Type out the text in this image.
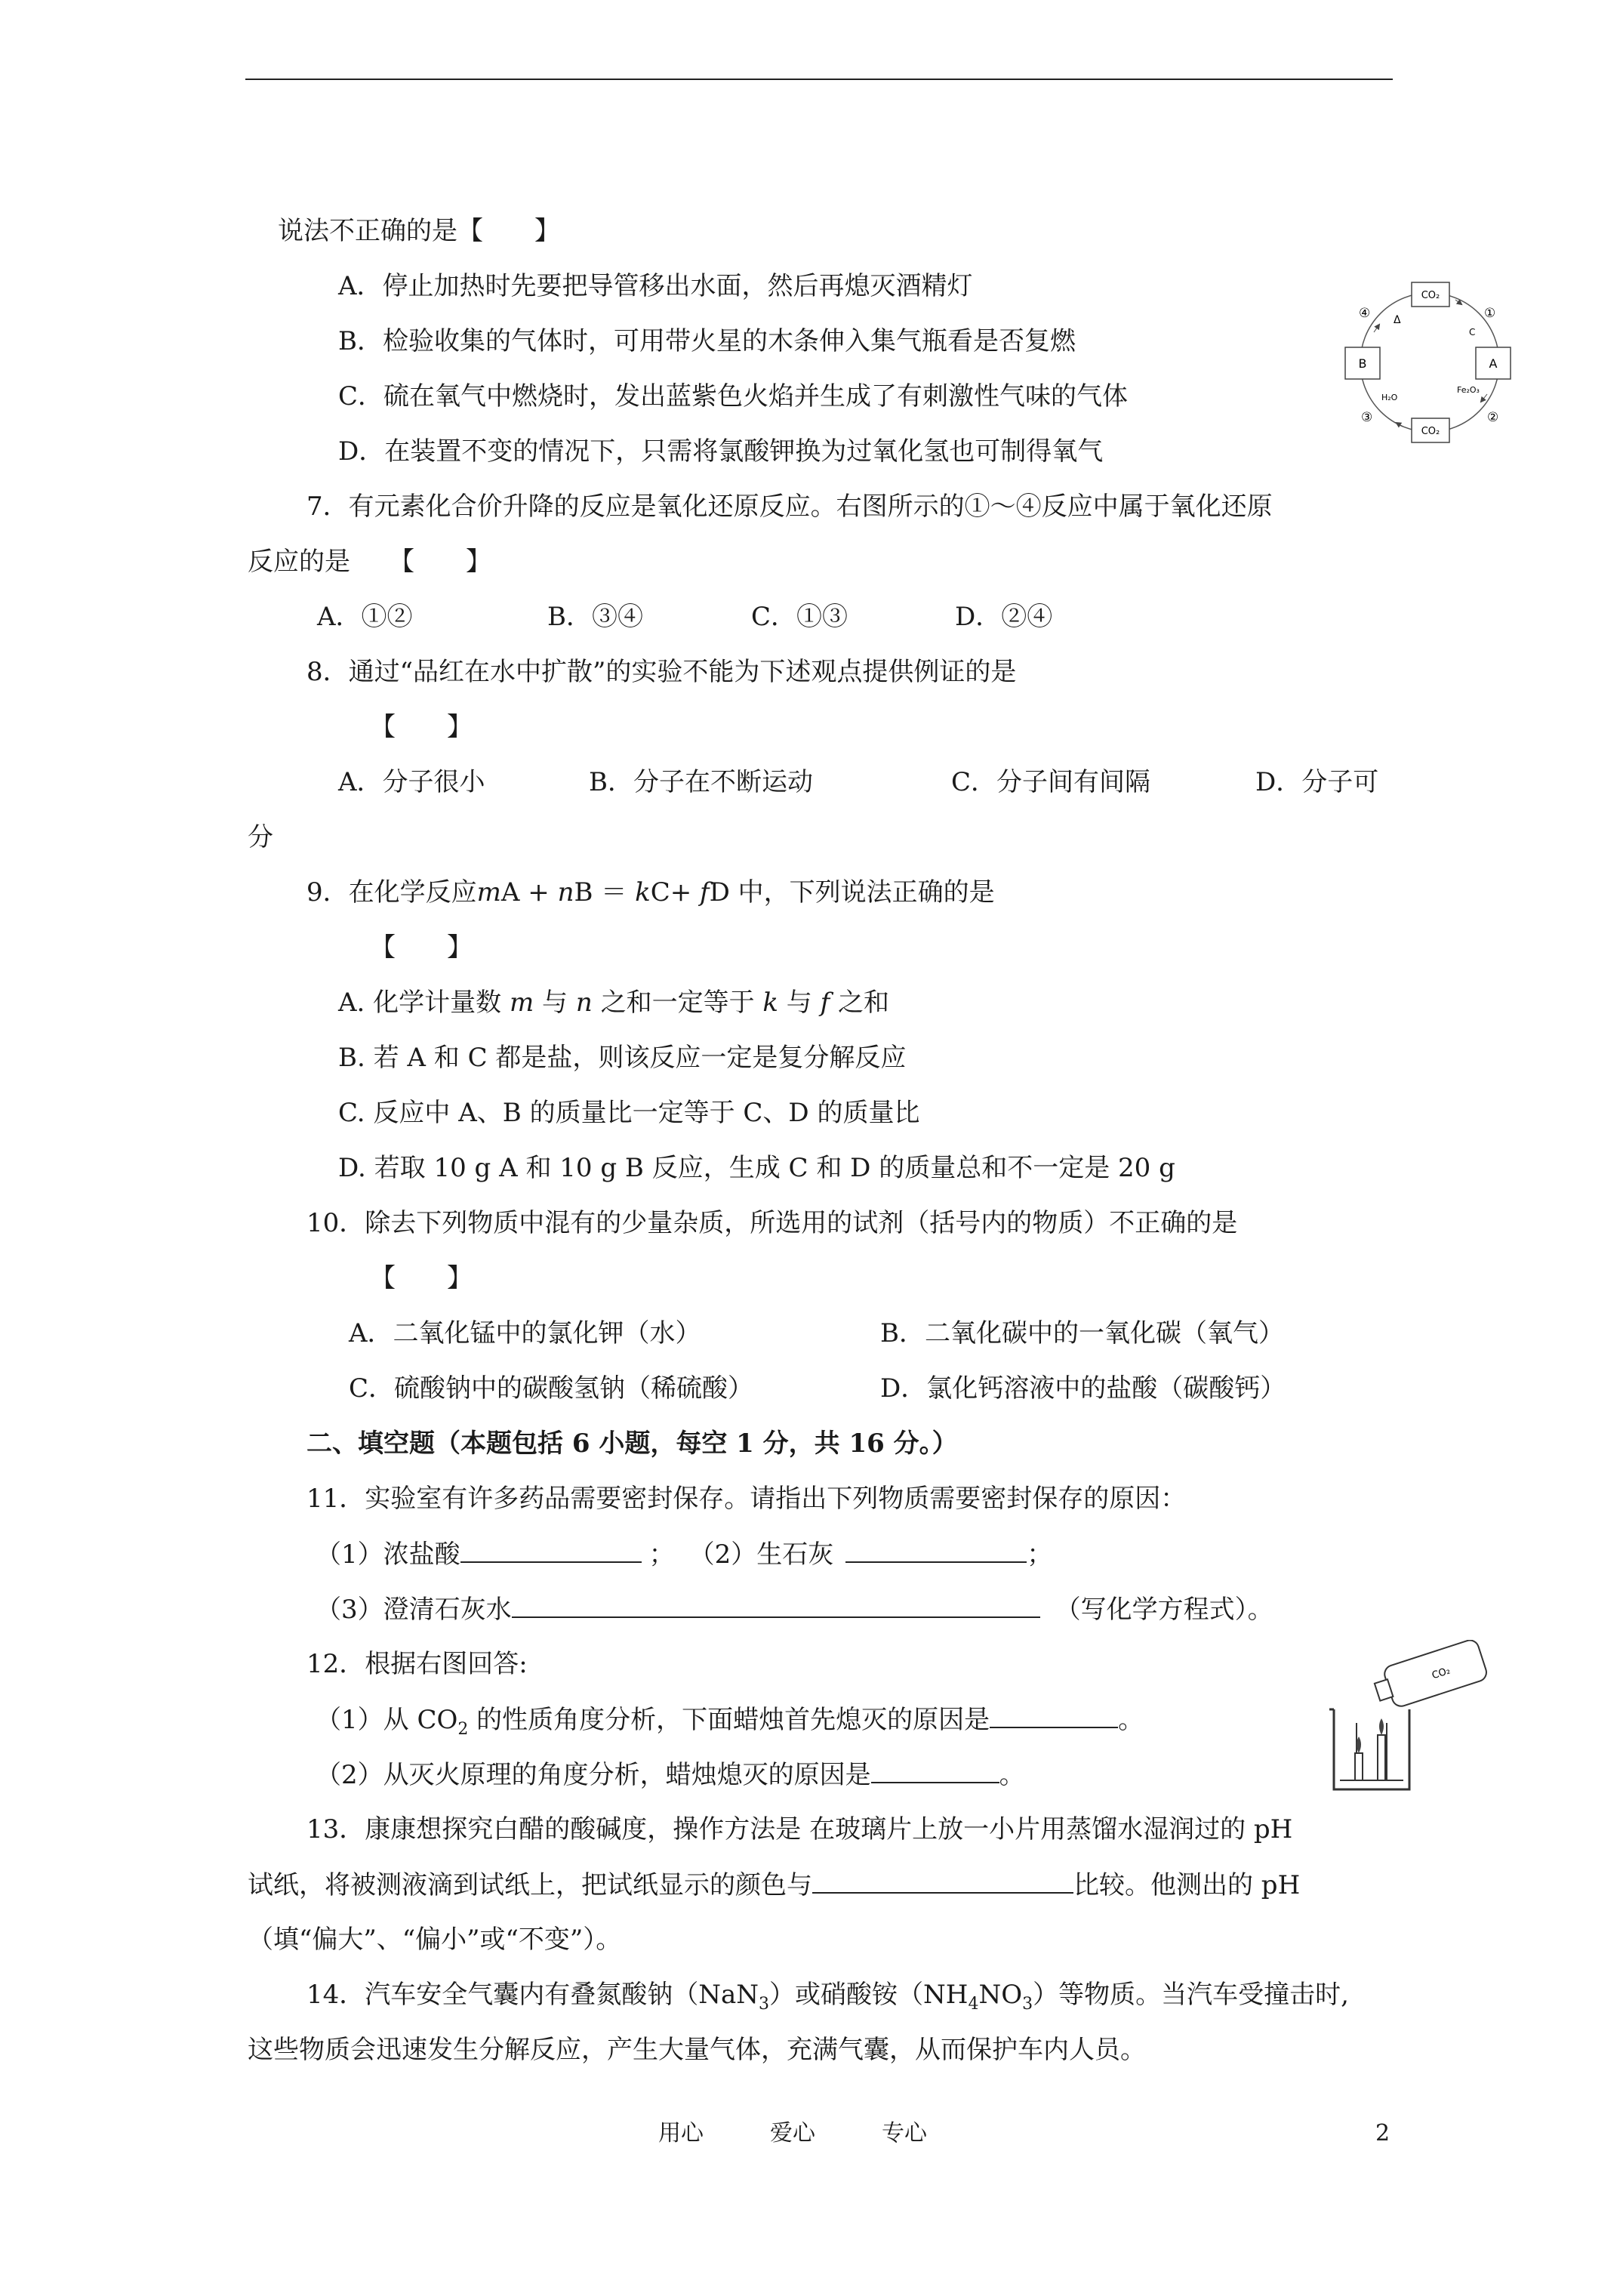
说法不正确的是【　　】
A．停止加热时先要把导管移出水面，然后再熄灭酒精灯
B．检验收集的气体时，可用带火星的木条伸入集气瓶看是否复燃
C．硫在氧气中燃烧时，发出蓝紫色火焰并生成了有刺激性气味的气体
D．在装置不变的情况下，只需将氯酸钾换为过氧化氢也可制得氧气
CO₂
A
CO₂
B
①
C
②
Fe₂O₃
③
H₂O
④ Δ
7．有元素化合价升降的反应是氧化还原反应。右图所示的①～④反应中属于氧化还原
反应的是　　【　　】
A．①②	B．③④	C．①③	D．②④
8．通过“品红在水中扩散”的实验不能为下述观点提供例证的是
【　　】
A．分子很小	B．分子在不断运动	C．分子间有间隔	D．分子可
分
9．在化学反应mA + nB ＝ kC+ fD 中，下列说法正确的是
【　　】
A. 化学计量数 m 与 n 之和一定等于 k 与 f 之和
B. 若 A 和 C 都是盐，则该反应一定是复分解反应
C. 反应中 A、B 的质量比一定等于 C、D 的质量比
D. 若取 10 g A 和 10 g B 反应，生成 C 和 D 的质量总和不一定是 20 g
10．除去下列物质中混有的少量杂质，所选用的试剂（括号内的物质）不正确的是
【　　】
A．二氧化锰中的氯化钾（水）	B．二氧化碳中的一氧化碳（氧气）
C．硫酸钠中的碳酸氢钠（稀硫酸）	D．氯化钙溶液中的盐酸（碳酸钙）
二、填空题（本题包括 6 小题，每空 1 分，共 16 分。）
11．实验室有许多药品需要密封保存。请指出下列物质需要密封保存的原因：
（1）浓盐酸	； （2）生石灰	；
（3）澄清石灰水	（写化学方程式）。
12．根据右图回答:
（1）从 $CO_2$ 的性质角度分析，下面蜡烛首先熄灭的原因是	。
（2）从灭火原理的角度分析，蜡烛熄灭的原因是	。
CO₂
13．康康想探究白醋的酸碱度，操作方法是 在玻璃片上放一小片用蒸馏水湿润过的 pH
试纸，将被测液滴到试纸上，把试纸显示的颜色与	比较。他测出的 pH
（填“偏大”、“偏小”或“不变”）。
14．汽车安全气囊内有叠氮酸钠（NaN$_3$）或硝酸铵$(NH_4NO_3)$等物质。当汽车受撞击时,
这些物质会迅速发生分解反应，产生大量气体，充满气囊，从而保护车内人员。
用心	爱心	专心	2
